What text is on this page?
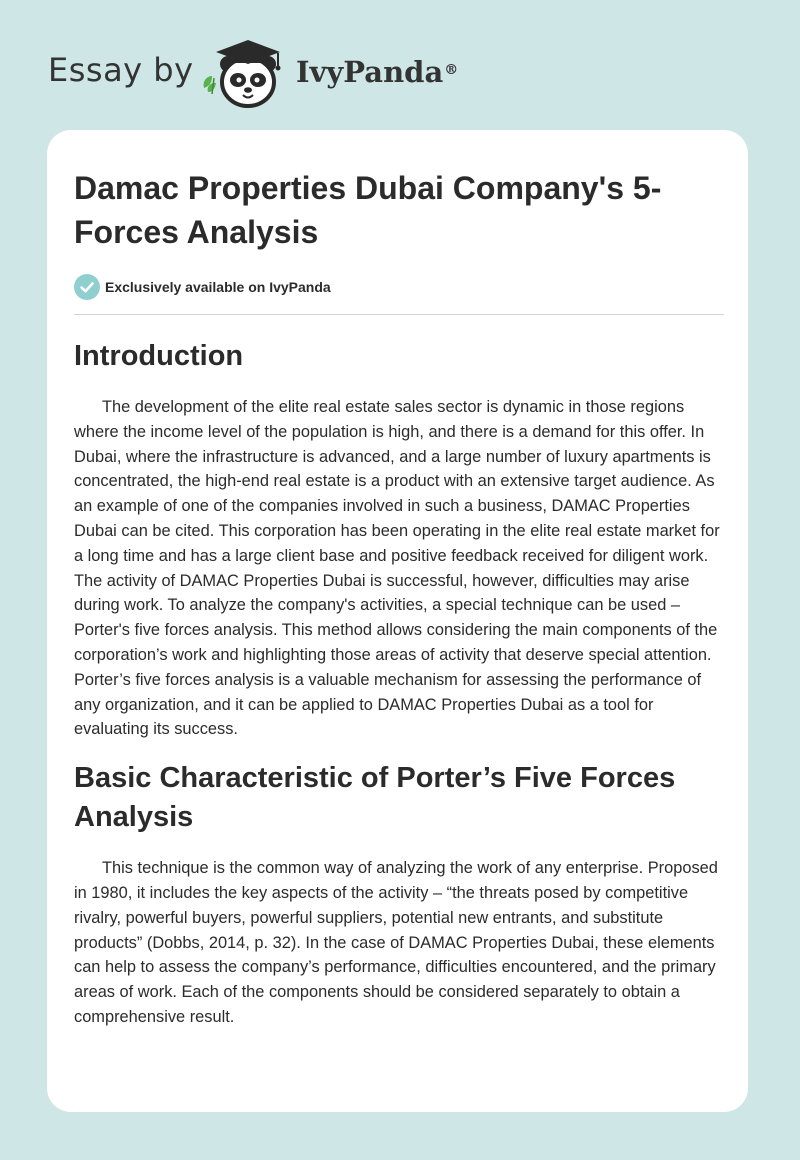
Essay by	IvyPanda®
Damac Properties Dubai Company's 5-Forces Analysis
Exclusively available on IvyPanda
Introduction

The development of the elite real estate sales sector is dynamic in those regions where the income level of the population is high, and there is a demand for this offer. In Dubai, where the infrastructure is advanced, and a large number of luxury apartments is concentrated, the high-end real estate is a product with an extensive target audience. As an example of one of the companies involved in such a business, DAMAC Properties Dubai can be cited. This corporation has been operating in the elite real estate market for a long time and has a large client base and positive feedback received for diligent work. The activity of DAMAC Properties Dubai is successful, however, difficulties may arise during work. To analyze the company's activities, a special technique can be used – Porter's five forces analysis. This method allows considering the main components of the corporation’s work and highlighting those areas of activity that deserve special attention. Porter’s five forces analysis is a valuable mechanism for assessing the performance of any organization, and it can be applied to DAMAC Properties Dubai as a tool for evaluating its success.

Basic Characteristic of Porter’s Five Forces Analysis

This technique is the common way of analyzing the work of any enterprise. Proposed in 1980, it includes the key aspects of the activity – “the threats posed by competitive rivalry, powerful buyers, powerful suppliers, potential new entrants, and substitute products” (Dobbs, 2014, p. 32). In the case of DAMAC Properties Dubai, these elements can help to assess the company’s performance, difficulties encountered, and the primary areas of work. Each of the components should be considered separately to obtain a comprehensive result.
